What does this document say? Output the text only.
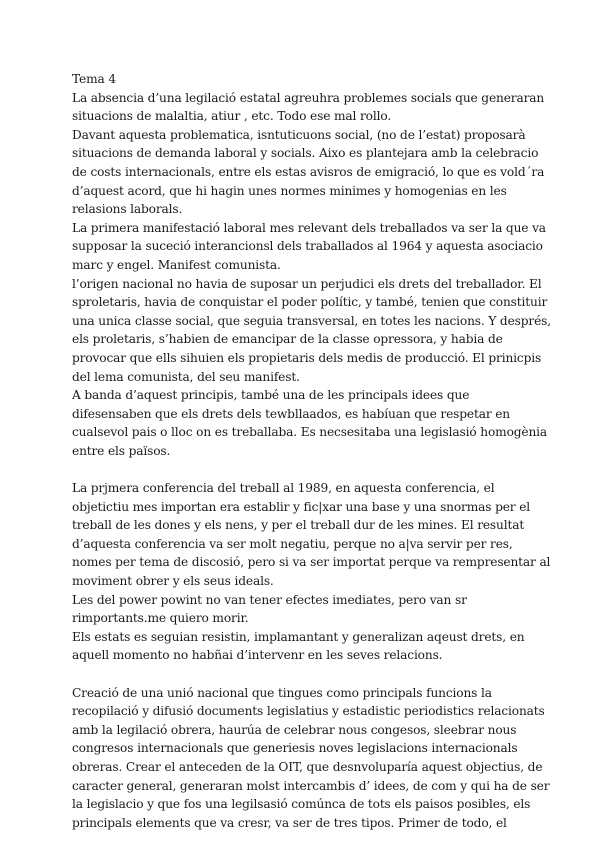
Tema 4
La absencia d’una legilació estatal agreuhra problemes socials que generaran
situacions de malaltia, atiur , etc. Todo ese mal rollo.
Davant aquesta problematica, isntuticuons social, (no de l’estat) proposarà
situacions de demanda laboral y socials. Aixo es plantejara amb la celebracio
de costs internacionals, entre els estas avisros de emigració, lo que es vold´ra
d’aquest acord, que hi hagin unes normes minimes y homogenias en les
relasions laborals.
La primera manifestació laboral mes relevant dels treballados va ser la que va
supposar la suceció interancionsl dels traballados al 1964 y aquesta asociacio
marc y engel. Manifest comunista.
l’origen nacional no havia de suposar un perjudici els drets del treballador. El
sproletaris, havia de conquistar el poder polític, y també, tenien que constituir
una unica classe social, que seguia transversal, en totes les nacions. Y després,
els proletaris, s’habien de emancipar de la classe opressora, y habia de
provocar que ells sihuien els propietaris dels medis de producció. El prinicpis
del lema comunista, del seu manifest.
A banda d’aquest principis, també una de les principals idees que
difesensaben que els drets dels tewbllaados, es habíuan que respetar en
cualsevol pais o lloc on es treballaba. Es necsesitaba una legislasió homogènia
entre els països.
La prjmera conferencia del treball al 1989, en aquesta conferencia, el
objetictiu mes importan era establir y fic|xar una base y una snormas per el
treball de les dones y els nens, y per el treball dur de les mines. El resultat
d’aquesta conferencia va ser molt negatiu, perque no a|va servir per res,
nomes per tema de discosió, pero si va ser importat perque va rempresentar al
moviment obrer y els seus ideals.
Les del power powint no van tener efectes imediates, pero van sr
rimportants.me quiero morir.
Els estats es seguian resistin, implamantant y generalizan aqeust drets, en
aquell momento no habñai d’intervenr en les seves relacions.
Creació de una unió nacional que tingues como principals funcions la
recopilació y difusió documents legislatius y estadistic periodistics relacionats
amb la legilació obrera, haurúa de celebrar nous congesos, sleebrar nous
congresos internacionals que generiesis noves legislacions internacionals
obreras. Crear el anteceden de la OIT, que desnvoluparía aquest objectius, de
caracter general, generaran molst intercambis d’ idees, de com y qui ha de ser
la legislacio y que fos una legilsasió comúnca de tots els paisos posibles, els
principals elements que va cresr, va ser de tres tipos. Primer de todo, el
